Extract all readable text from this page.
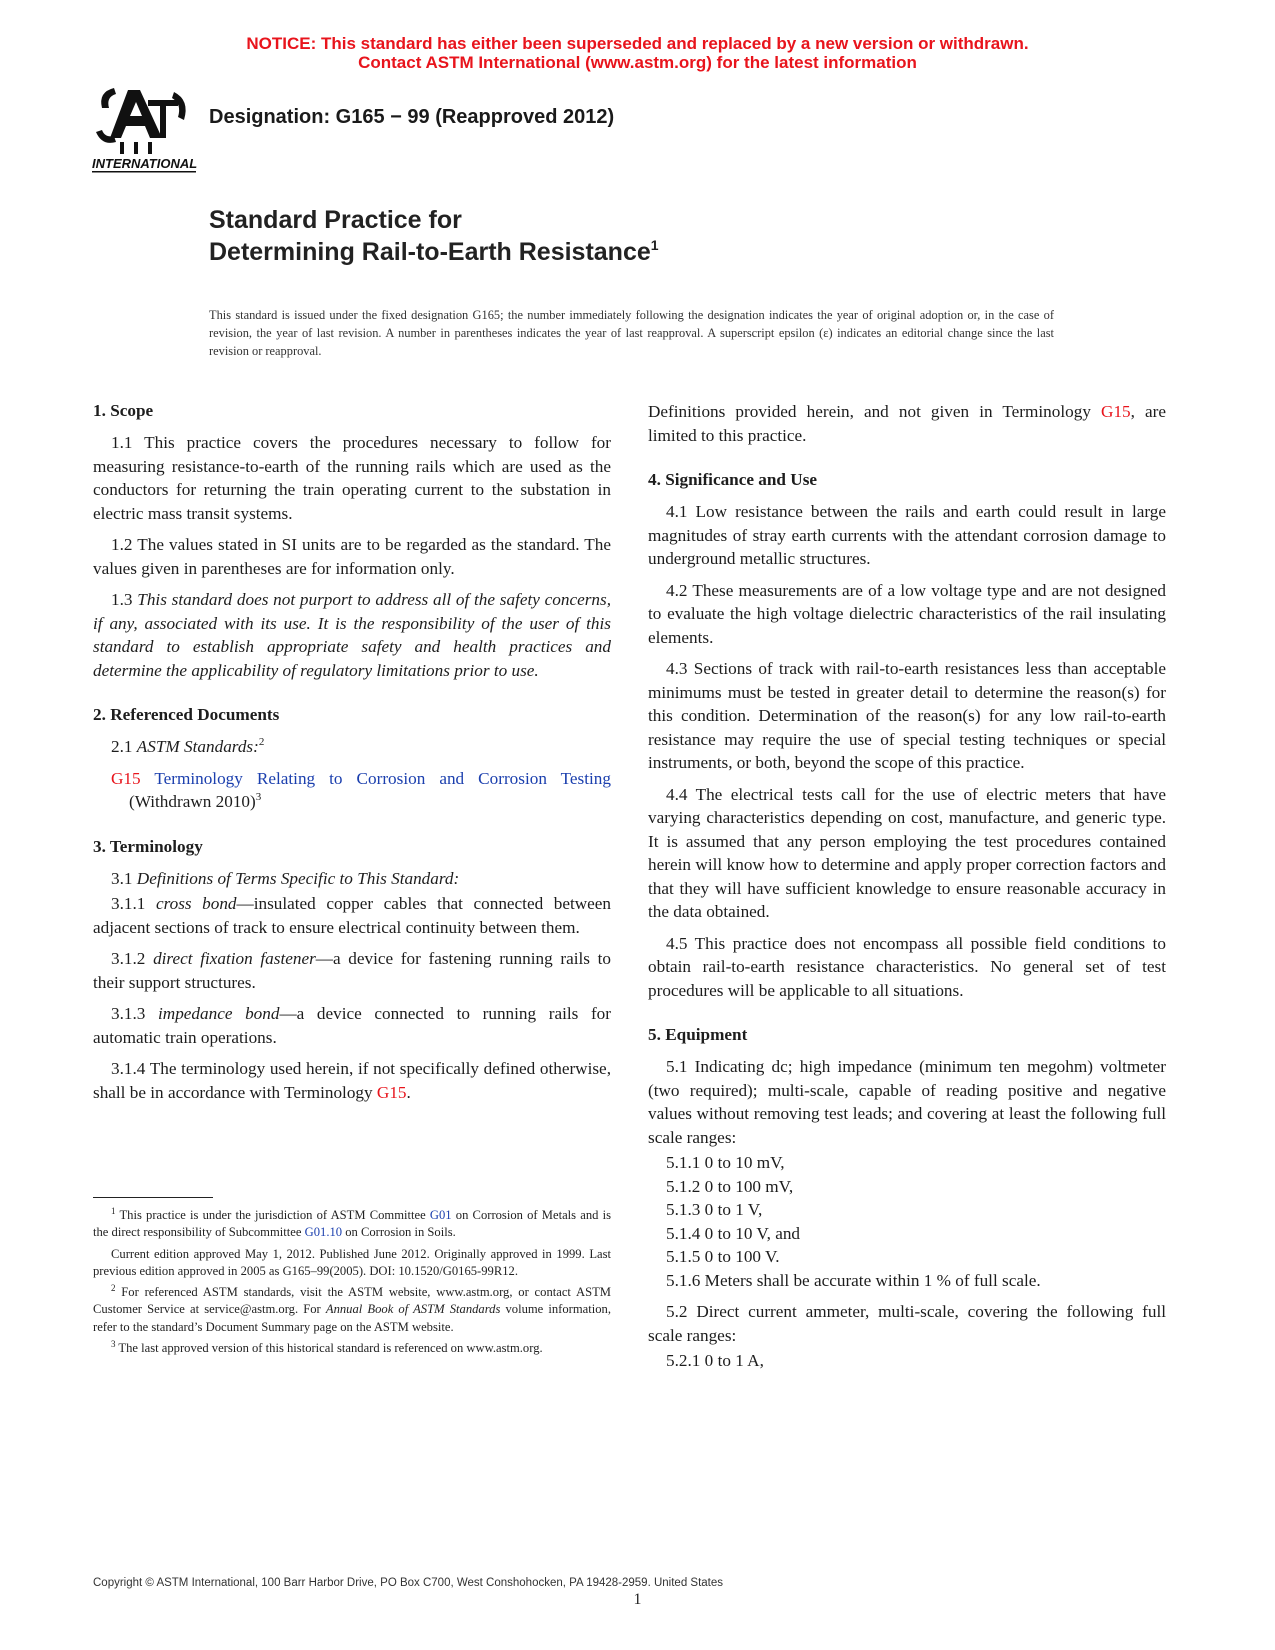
NOTICE: This standard has either been superseded and replaced by a new version or withdrawn.
Contact ASTM International (www.astm.org) for the latest information
INTERNATIONAL
Designation: G165 − 99 (Reapproved 2012)
Standard Practice for
Determining Rail-to-Earth Resistance$^1$
This standard is issued under the fixed designation G165; the number immediately following the designation indicates the year of original adoption or, in the case of revision, the year of last revision. A number in parentheses indicates the year of last reapproval. A superscript epsilon (ε) indicates an editorial change since the last revision or reapproval.
1. Scope

1.1 This practice covers the procedures necessary to follow for measuring resistance-to-earth of the running rails which are used as the conductors for returning the train operating current to the substation in electric mass transit systems.

1.2 The values stated in SI units are to be regarded as the standard. The values given in parentheses are for information only.

1.3 This standard does not purport to address all of the safety concerns, if any, associated with its use. It is the responsibility of the user of this standard to establish appropriate safety and health practices and determine the applicability of regulatory limitations prior to use.

2. Referenced Documents

2.1 ASTM Standards:$^2$

G15 Terminology Relating to Corrosion and Corrosion Testing (Withdrawn 2010)$^3$

3. Terminology

3.1 Definitions of Terms Specific to This Standard:

3.1.1 cross bond—insulated copper cables that connected between adjacent sections of track to ensure electrical continuity between them.

3.1.2 direct fixation fastener—a device for fastening running rails to their support structures.

3.1.3 impedance bond—a device connected to running rails for automatic train operations.

3.1.4 The terminology used herein, if not specifically defined otherwise, shall be in accordance with Terminology G15.

$^1$ This practice is under the jurisdiction of ASTM Committee G01 on Corrosion of Metals and is the direct responsibility of Subcommittee G01.10 on Corrosion in Soils.

Current edition approved May 1, 2012. Published June 2012. Originally approved in 1999. Last previous edition approved in 2005 as G165–99(2005). DOI: 10.1520/G0165-99R12.

$^2$ For referenced ASTM standards, visit the ASTM website, www.astm.org, or contact ASTM Customer Service at service@astm.org. For Annual Book of ASTM Standards volume information, refer to the standard’s Document Summary page on the ASTM website.

$^3$ The last approved version of this historical standard is referenced on www.astm.org.

Definitions provided herein, and not given in Terminology G15, are limited to this practice.

4. Significance and Use

4.1 Low resistance between the rails and earth could result in large magnitudes of stray earth currents with the attendant corrosion damage to underground metallic structures.

4.2 These measurements are of a low voltage type and are not designed to evaluate the high voltage dielectric characteristics of the rail insulating elements.

4.3 Sections of track with rail-to-earth resistances less than acceptable minimums must be tested in greater detail to determine the reason(s) for this condition. Determination of the reason(s) for any low rail-to-earth resistance may require the use of special testing techniques or special instruments, or both, beyond the scope of this practice.

4.4 The electrical tests call for the use of electric meters that have varying characteristics depending on cost, manufacture, and generic type. It is assumed that any person employing the test procedures contained herein will know how to determine and apply proper correction factors and that they will have sufficient knowledge to ensure reasonable accuracy in the data obtained.

4.5 This practice does not encompass all possible field conditions to obtain rail-to-earth resistance characteristics. No general set of test procedures will be applicable to all situations.

5. Equipment

5.1 Indicating dc; high impedance (minimum ten megohm) voltmeter (two required); multi-scale, capable of reading positive and negative values without removing test leads; and covering at least the following full scale ranges:

5.1.1 0 to 10 mV,

5.1.2 0 to 100 mV,

5.1.3 0 to 1 V,

5.1.4 0 to 10 V, and

5.1.5 0 to 100 V.

5.1.6 Meters shall be accurate within 1 % of full scale.

5.2 Direct current ammeter, multi-scale, covering the following full scale ranges:

5.2.1 0 to 1 A,

Copyright © ASTM International, 100 Barr Harbor Drive, PO Box C700, West Conshohocken, PA 19428-2959. United States
1
